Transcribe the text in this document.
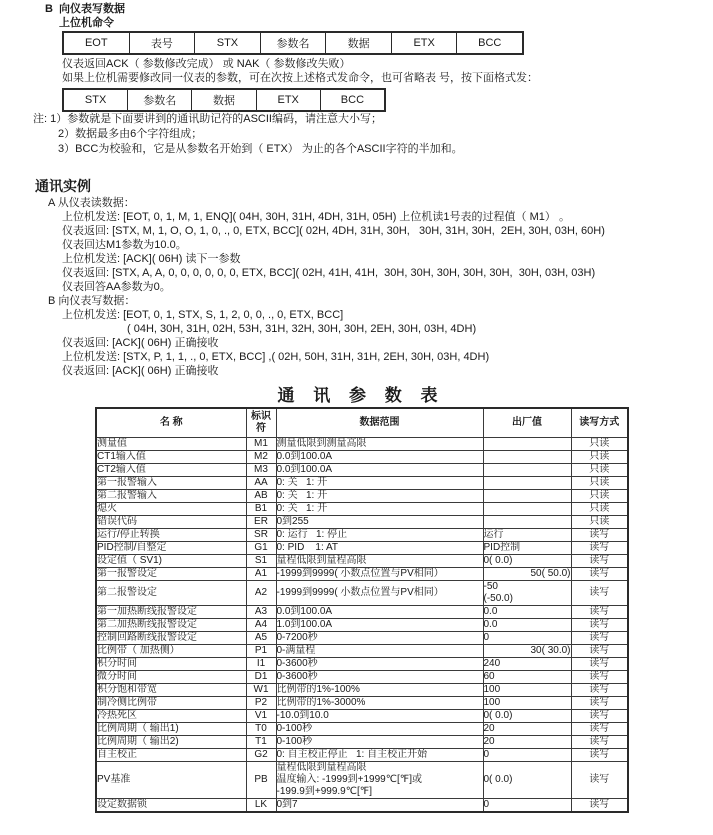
B  向仪表写数据
上位机命令
EOT	表号	STX	参数名	数据	ETX	BCC
仪表返回ACK（ 参数修改完成） 或 NAK（ 参数修改失败）
如果上位机需要修改同一仪表的参数，可在次按上述格式发命令，也可省略表 号，按下面格式发：
STX	参数名	数据	ETX	BCC
注: 1）参数就是下面要讲到的通讯助记符的ASCII编码，请注意大小写；
2）数据最多由6个字符组成；
3）BCC为校验和，它是从参数名开始到（ ETX） 为止的各个ASCII字符的半加和。
通讯实例
A 从仪表读数据：
上位机发送: [EOT, 0, 1, M, 1, ENQ]( 04H, 30H, 31H, 4DH, 31H, 05H) 上位机读1号表的过程值（ M1） 。
仪表返回: [STX, M, 1, O, O, 1, 0, ., 0, ETX, BCC]( 02H, 4DH, 31H, 30H,   30H, 31H, 30H,  2EH, 30H, 03H, 60H)
仪表回达M1参数为10.0。
上位机发送: [ACK]( 06H) 读下一参数
仪表返回: [STX, A, A, 0, 0, 0, 0, 0, 0, ETX, BCC]( 02H, 41H, 41H,  30H, 30H, 30H, 30H, 30H,  30H, 03H, 03H)
仪表回答AA参数为0。
B 向仪表写数据：
上位机发送: [EOT, 0, 1, STX, S, 1, 2, 0, 0, ., 0, ETX, BCC]
( 04H, 30H, 31H, 02H, 53H, 31H, 32H, 30H, 30H, 2EH, 30H, 03H, 4DH)
仪表返回: [ACK]( 06H) 正确接收
上位机发送: [STX, P, 1, 1, ., 0, ETX, BCC] ,( 02H, 50H, 31H, 31H, 2EH, 30H, 03H, 4DH)
仪表返回: [ACK]( 06H) 正确接收
通 讯 参 数 表
名 称	标识符	数据范围	出厂值	读写方式
测量值	M1	测量低限到测量高限		只读
CT1输入值	M2	0.0到100.0A		只读
CT2输入值	M3	0.0到100.0A		只读
第一报警输入	AA	0: 关   1: 开		只读
第二报警输入	AB	0: 关   1: 开		只读
熄火	B1	0: 关   1: 开		只读
错误代码	ER	0到255		只读
运行/停止转换	SR	0: 运行   1: 停止	运行	读写
PID控制/自整定	G1	0: PID    1: AT	PID控制	读写
设定值（ SV1)	S1	量程低限到量程高限	0( 0.0)	读写
第一报警设定	A1	-1999到9999( 小数点位置与PV相同）	50( 50.0)	读写
第二报警设定	A2	-1999到9999( 小数点位置与PV相同）	-50
(-50.0)	读写
第一加热断线报警设定	A3	0.0到100.0A	0.0	读写
第二加热断线报警设定	A4	1.0到100.0A	0.0	读写
控制回路断线报警设定	A5	0-7200秒	0	读写
比例带（ 加热侧）	P1	0-满量程	30( 30.0)	读写
积分时间	I1	0-3600秒	240	读写
微分时间	D1	0-3600秒	60	读写
积分饱和带宽	W1	比例带的1%-100%	100	读写
制冷侧比例带	P2	比例带的1%-3000%	100	读写
冷热死区	V1	-10.0到10.0	0( 0.0)	读写
比例周期（ 输出1)	T0	0-100秒	20	读写
比例周期（ 输出2)	T1	0-100秒	20	读写
自主校正	G2	0: 自主校正停止   1: 自主校正开始	0	读写
PV基准	PB	量程低限到量程高限
温度输入: -1999到+1999℃[℉]或
-199.9到+999.9℃[℉]	0( 0.0)	读写
设定数据锁	LK	0到7	0	读写
